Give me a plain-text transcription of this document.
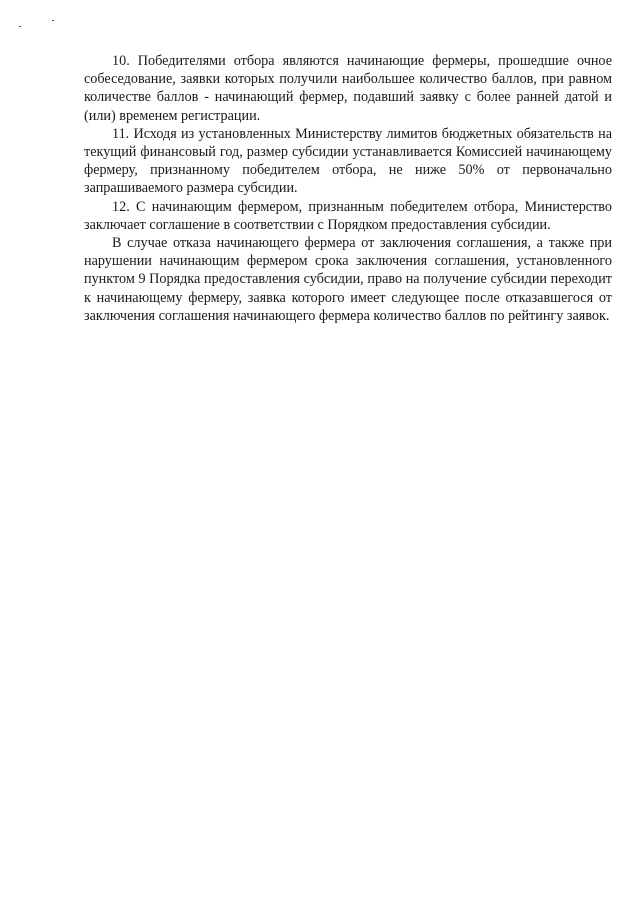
10. Победителями отбора являются начинающие фермеры, прошедшие очное собеседование, заявки которых получили наибольшее количество баллов, при равном количестве баллов - начинающий фермер, подавший заявку с более ранней датой и (или) временем регистрации.

11. Исходя из установленных Министерству лимитов бюджетных обязательств на текущий финансовый год, размер субсидии устанавливается Комиссией начинающему фермеру, признанному победителем отбора, не ниже 50% от первоначально запрашиваемого размера субсидии.

12. С начинающим фермером, признанным победителем отбора, Министерство заключает соглашение в соответствии с Порядком предоставления субсидии.

В случае отказа начинающего фермера от заключения соглашения, а также при нарушении начинающим фермером срока заключения соглашения, установленного пунктом 9 Порядка предоставления субсидии, право на получение субсидии переходит к начинающему фермеру, заявка которого имеет следующее после отказавшегося от заключения соглашения начинающего фермера количество баллов по рейтингу заявок.
